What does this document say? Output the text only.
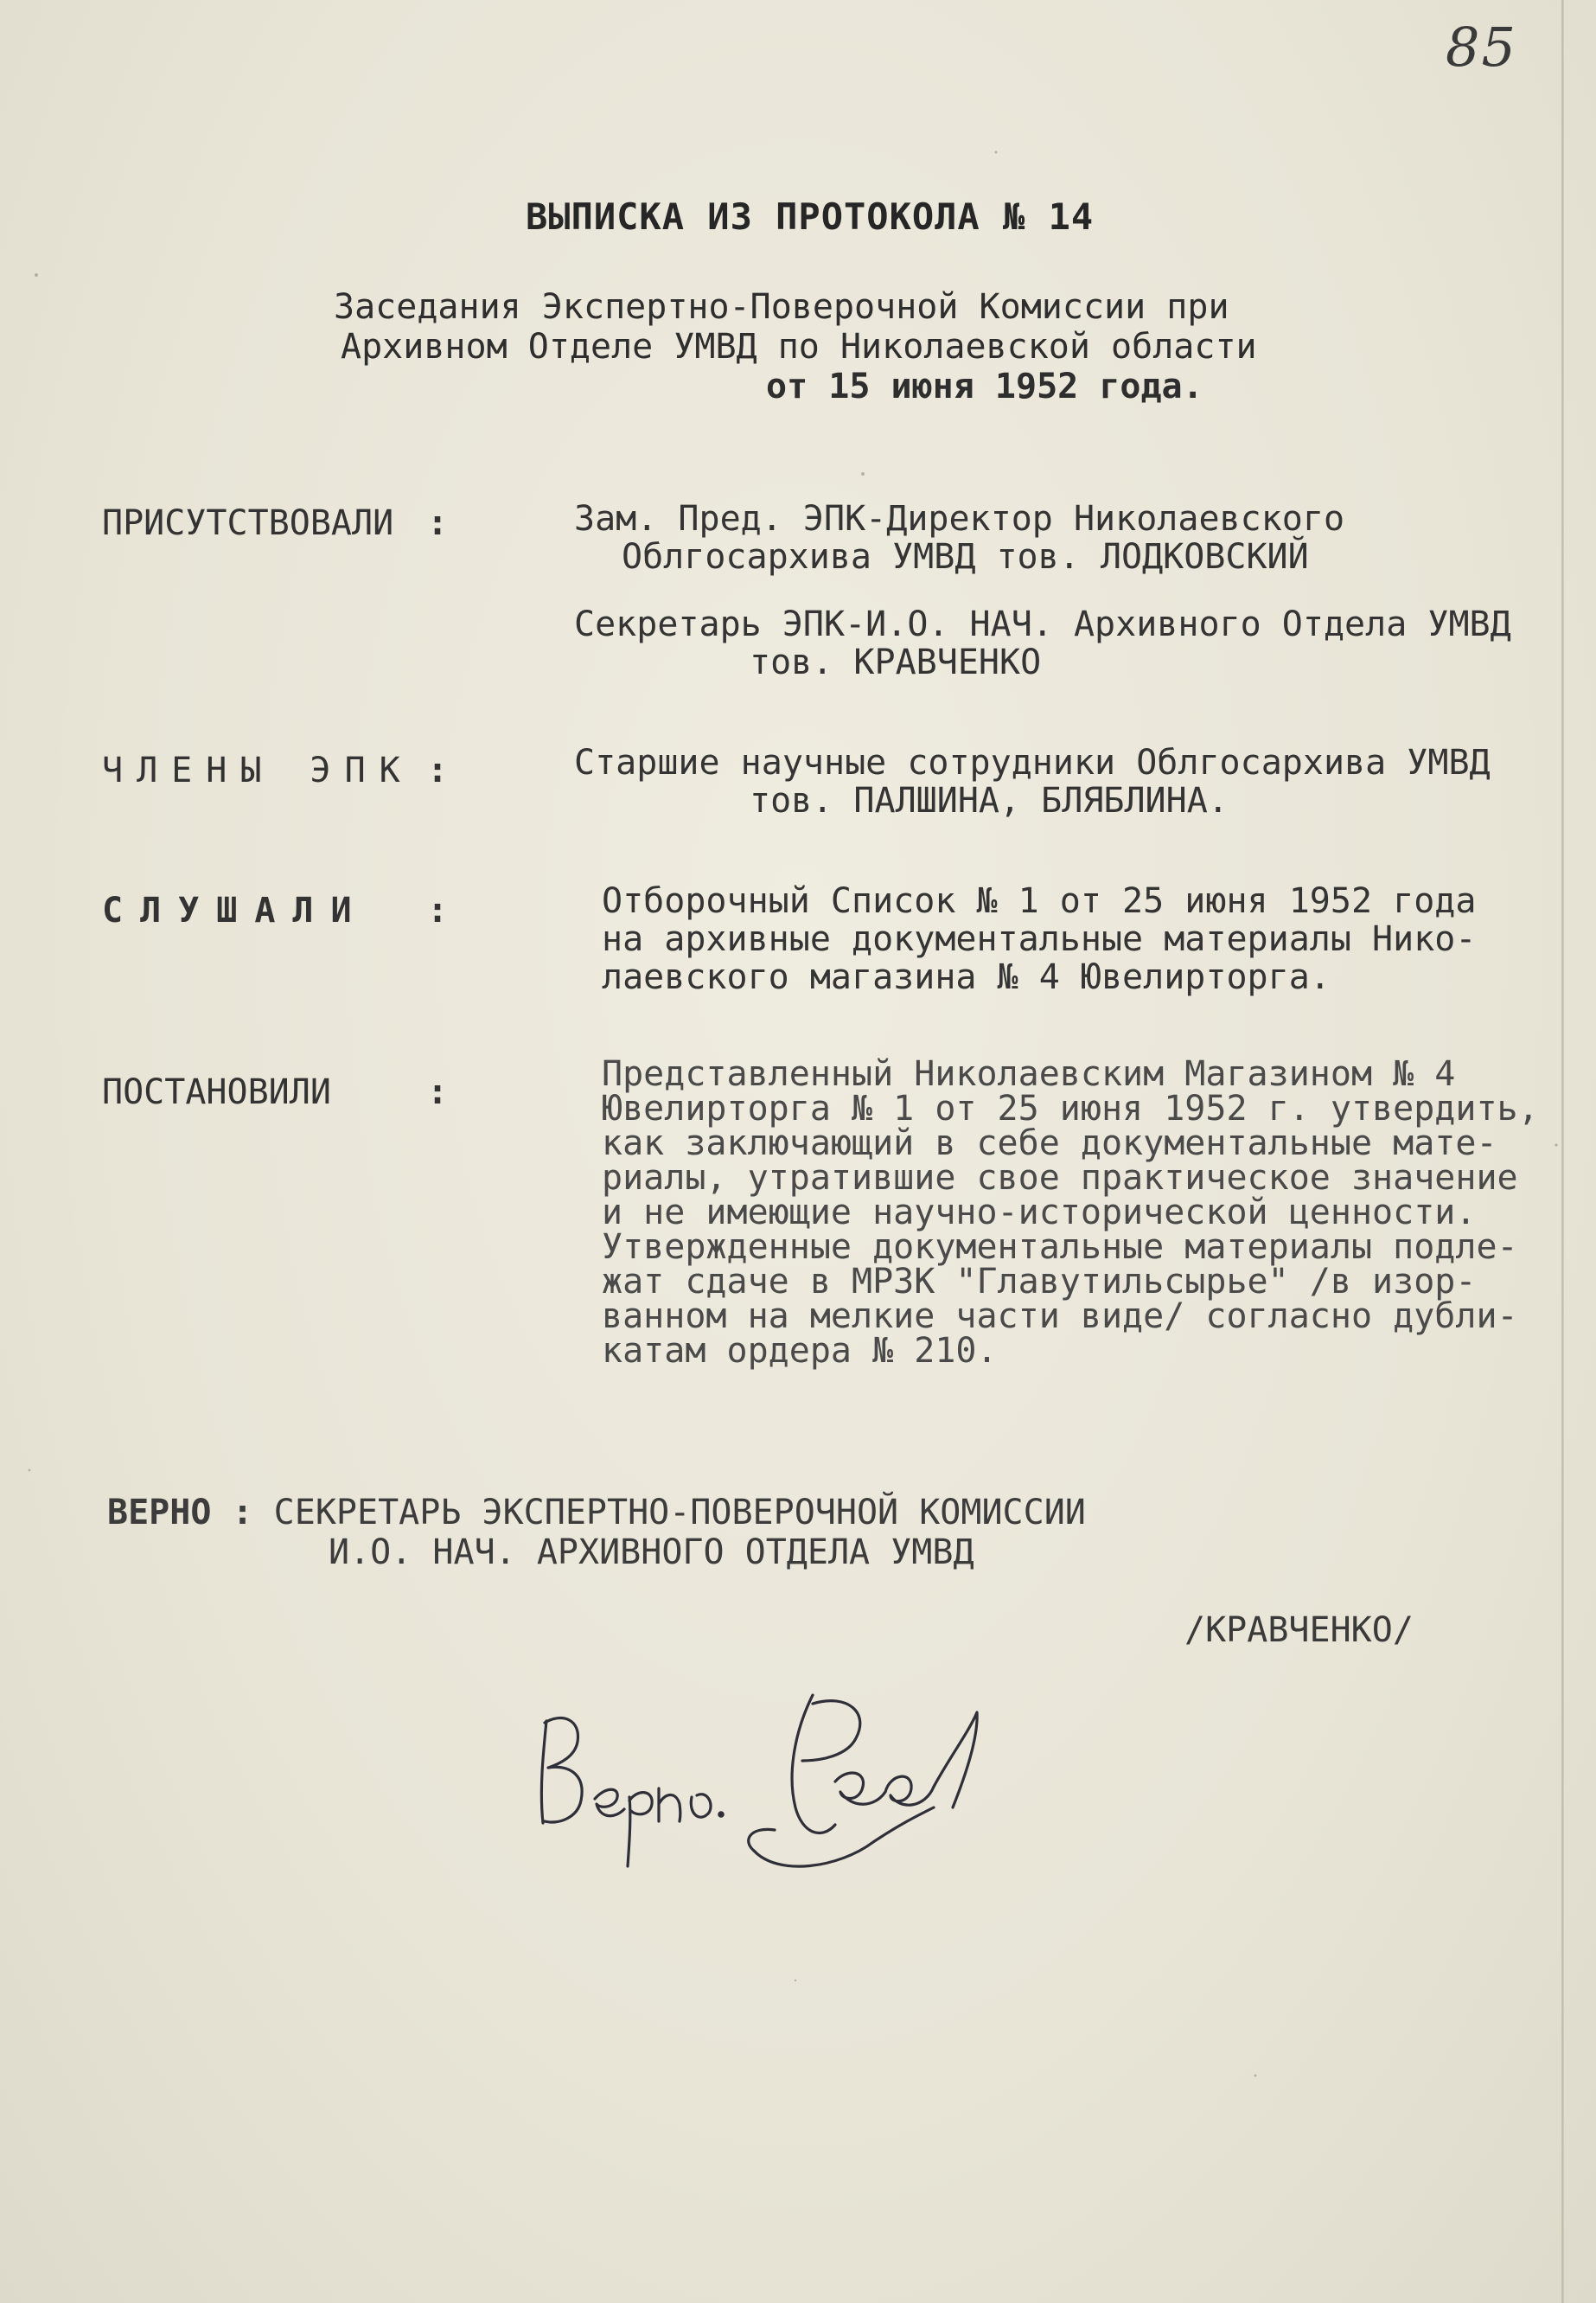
85
ВЫПИСКА ИЗ ПРОТОКОЛА № 14
Заседания Экспертно-Поверочной Комиссии при
Архивном Отделе УМВД по Николаевской области
от 15 июня 1952 года.
ПРИСУТСТВОВАЛИ :	Зам. Пред. ЭПК-Директор Николаевского
Облгосархива УМВД тов. ЛОДКОВСКИЙ
Секретарь ЭПК-И.О. НАЧ. Архивного Отдела УМВД
тов. КРАВЧЕНКО
ЧЛЕНЫ ЭПК :	Старшие научные сотрудники Облгосархива УМВД
тов. ПАЛШИНА, БЛЯБЛИНА.
СЛУШАЛИ :	Отборочный Список № 1 от 25 июня 1952 года
на архивные документальные материалы Нико-
лаевского магазина № 4 Ювелирторга.
ПОСТАНОВИЛИ	:	Представленный Николаевским Магазином № 4
Ювелирторга № 1 от 25 июня 1952 г. утвердить,
как заключающий в себе документальные мате-
риалы, утратившие свое практическое значение
и не имеющие научно-исторической ценности.
Утвержденные документальные материалы подле-
жат сдаче в МРЗК "Главутильсырье" /в изор-
ванном на мелкие части виде/ согласно дубли-
катам ордера № 210.
ВЕРНО : СЕКРЕТАРЬ ЭКСПЕРТНО-ПОВЕРОЧНОЙ КОМИССИИ
И.О. НАЧ. АРХИВНОГО ОТДЕЛА УМВД
/КРАВЧЕНКО/
